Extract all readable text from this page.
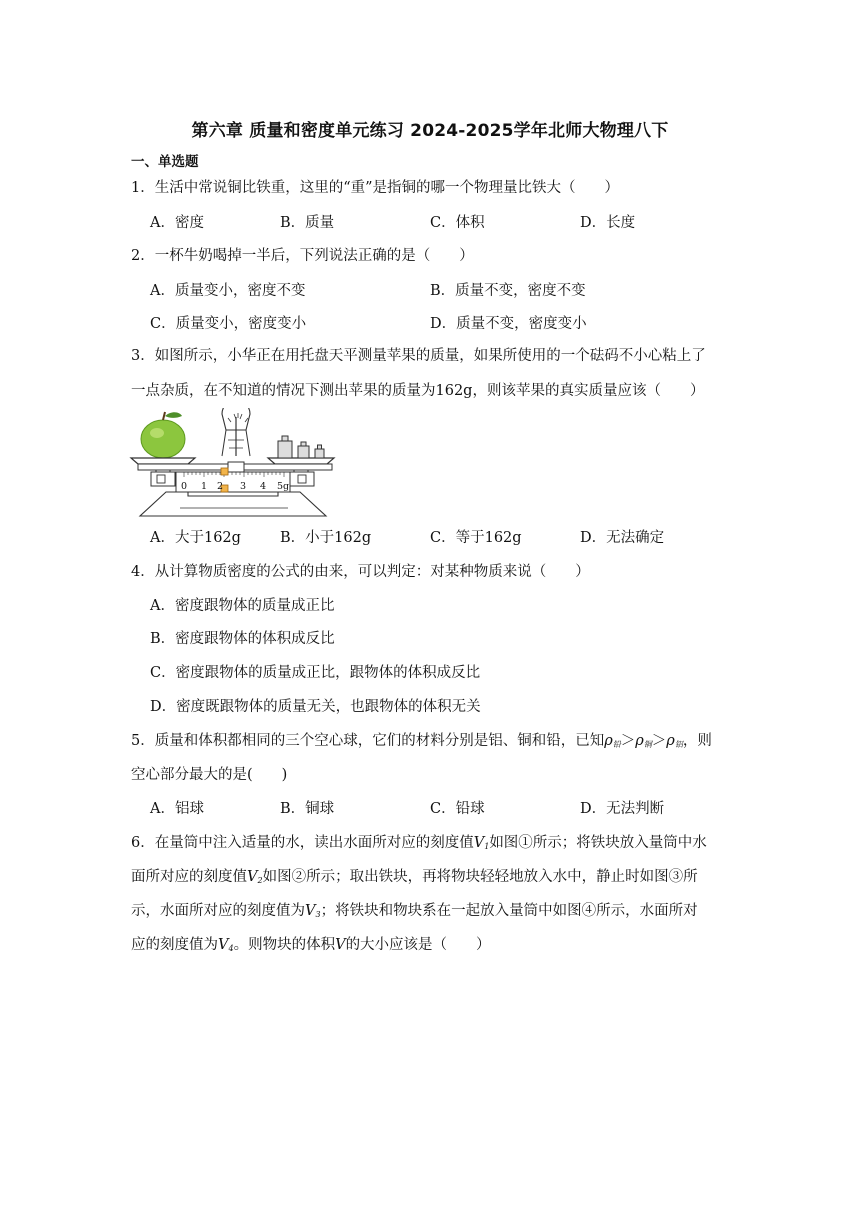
第六章 质量和密度单元练习 2024-2025学年北师大物理八下
一、单选题
1．生活中常说铜比铁重，这里的“重”是指铜的哪一个物理量比铁大（　　）
A．密度	B．质量	C．体积	D．长度
2．一杯牛奶喝掉一半后，下列说法正确的是（　　）
A．质量变小，密度不变	B．质量不变，密度不变
C．质量变小，密度变小	D．质量不变，密度变小
3．如图所示，小华正在用托盘天平测量苹果的质量，如果所使用的一个砝码不小心粘上了
一点杂质，在不知道的情况下测出苹果的质量为162g，则该苹果的真实质量应该（　　）
0 1 2 3 4 5g
A．大于162g	B．小于162g	C．等于162g	D．无法确定
4．从计算物质密度的公式的由来，可以判定：对某种物质来说（　　）
A．密度跟物体的质量成正比
B．密度跟物体的体积成反比
C．密度跟物体的质量成正比，跟物体的体积成反比
D．密度既跟物体的质量无关，也跟物体的体积无关
5．质量和体积都相同的三个空心球，它们的材料分别是铝、铜和铅，已知$\rho_铅>\rho_铜>\rho_铝$，则
空心部分最大的是(　　)
A．铝球	B．铜球	C．铅球	D．无法判断
6．在量筒中注入适量的水，读出水面所对应的刻度值$V_1$如图①所示；将铁块放入量筒中水
面所对应的刻度值$V_2$如图②所示；取出铁块，再将物块轻轻地放入水中，静止时如图③所
示，水面所对应的刻度值为$V_3$；将铁块和物块系在一起放入量筒中如图④所示，水面所对
应的刻度值为$V_4$。则物块的体积V的大小应该是（　　）
